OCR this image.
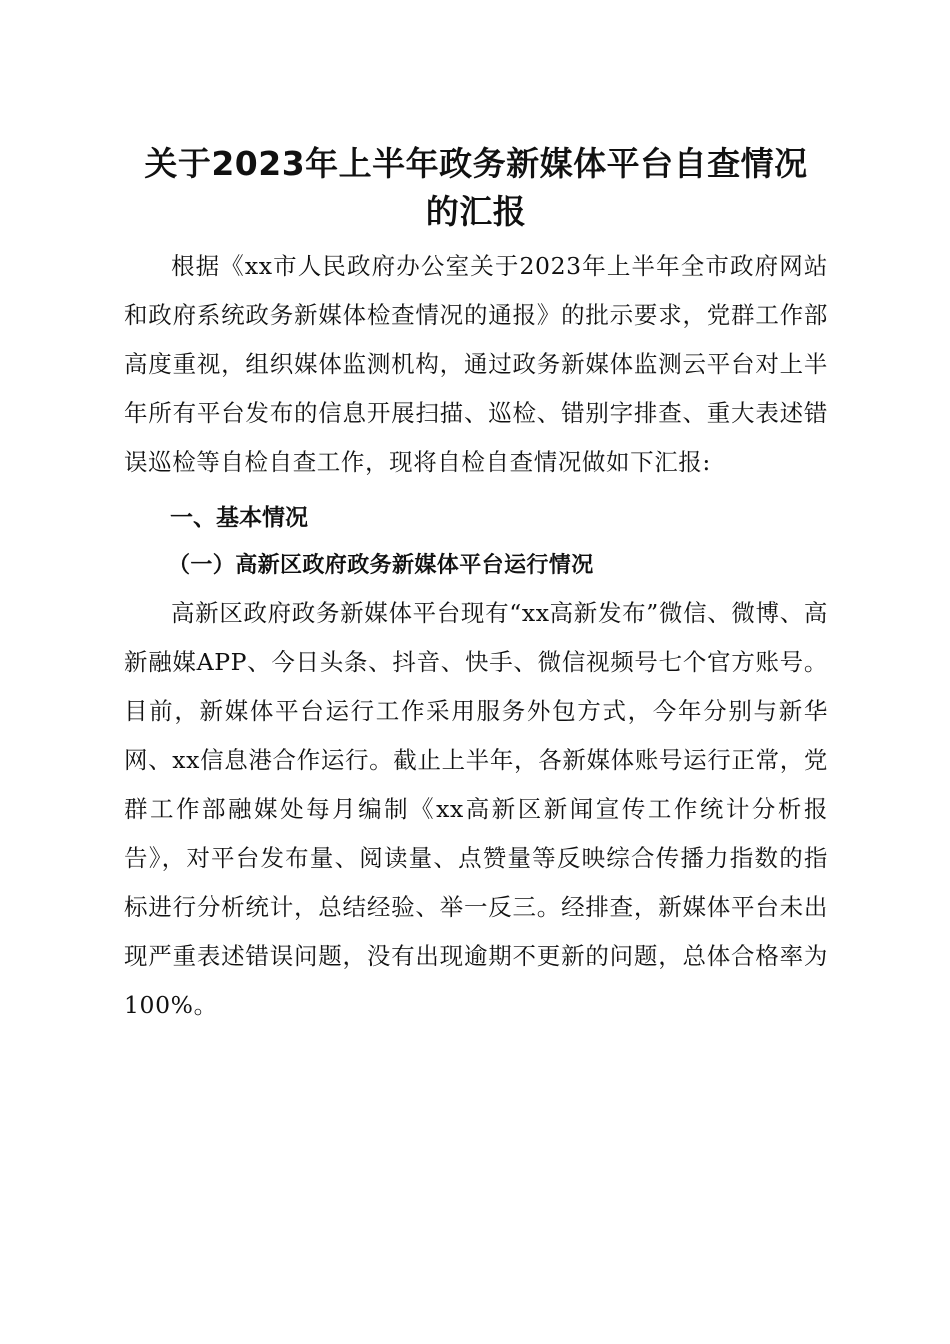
关于2023年上半年政务新媒体平台自查情况
的汇报

根据《xx市人民政府办公室关于2023年上半年全市政府网站和政府系统政务新媒体检查情况的通报》的批示要求，党群工作部高度重视，组织媒体监测机构，通过政务新媒体监测云平台对上半年所有平台发布的信息开展扫描、巡检、错别字排查、重大表述错误巡检等自检自查工作，现将自检自查情况做如下汇报:

一、基本情况
（一）高新区政府政务新媒体平台运行情况

高新区政府政务新媒体平台现有“xx高新发布”微信、微博、高新融媒APP、今日头条、抖音、快手、微信视频号七个官方账号。目前，新媒体平台运行工作采用服务外包方式，今年分别与新华网、xx信息港合作运行。截止上半年，各新媒体账号运行正常，党群工作部融媒处每月编制《xx高新区新闻宣传工作统计分析报告》，对平台发布量、阅读量、点赞量等反映综合传播力指数的指标进行分析统计，总结经验、举一反三。经排查，新媒体平台未出现严重表述错误问题，没有出现逾期不更新的问题，总体合格率为100%。
